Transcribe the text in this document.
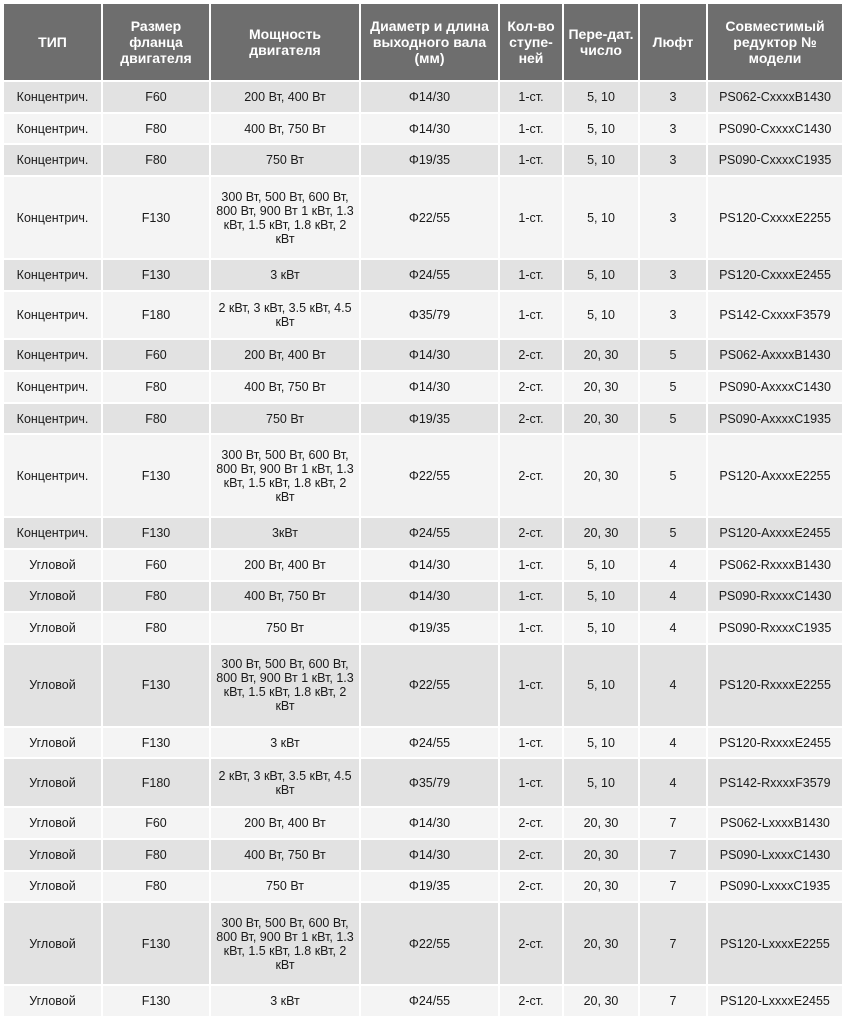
ТИП	Размер фланца двигателя	Мощность двигателя	Диаметр и длина выходного вала (мм)	Кол-во ступе-ней	Пере-дат. число	Люфт	Совместимый редуктор № модели
Концентрич.	F60	200 Вт, 400 Вт	Φ14/30	1-ст.	5, 10	3	PS062-CxxxxB1430
Концентрич.	F80	400 Вт, 750 Вт	Φ14/30	1-ст.	5, 10	3	PS090-CxxxxC1430
Концентрич.	F80	750 Вт	Φ19/35	1-ст.	5, 10	3	PS090-CxxxxC1935
Концентрич.	F130	300 Вт, 500 Вт, 600 Вт, 800 Вт, 900 Вт 1 кВт, 1.3 кВт, 1.5 кВт, 1.8 кВт, 2 кВт	Φ22/55	1-ст.	5, 10	3	PS120-CxxxxE2255
Концентрич.	F130	3 кВт	Φ24/55	1-ст.	5, 10	3	PS120-CxxxxE2455
Концентрич.	F180	2 кВт, 3 кВт, 3.5 кВт, 4.5 кВт	Φ35/79	1-ст.	5, 10	3	PS142-CxxxxF3579
Концентрич.	F60	200 Вт, 400 Вт	Φ14/30	2-ст.	20, 30	5	PS062-AxxxxB1430
Концентрич.	F80	400 Вт, 750 Вт	Φ14/30	2-ст.	20, 30	5	PS090-AxxxxC1430
Концентрич.	F80	750 Вт	Φ19/35	2-ст.	20, 30	5	PS090-AxxxxC1935
Концентрич.	F130	300 Вт, 500 Вт, 600 Вт, 800 Вт, 900 Вт 1 кВт, 1.3 кВт, 1.5 кВт, 1.8 кВт, 2 кВт	Φ22/55	2-ст.	20, 30	5	PS120-AxxxxE2255
Концентрич.	F130	3кВт	Φ24/55	2-ст.	20, 30	5	PS120-AxxxxE2455
Угловой	F60	200 Вт, 400 Вт	Φ14/30	1-ст.	5, 10	4	PS062-RxxxxB1430
Угловой	F80	400 Вт, 750 Вт	Φ14/30	1-ст.	5, 10	4	PS090-RxxxxC1430
Угловой	F80	750 Вт	Φ19/35	1-ст.	5, 10	4	PS090-RxxxxC1935
Угловой	F130	300 Вт, 500 Вт, 600 Вт, 800 Вт, 900 Вт 1 кВт, 1.3 кВт, 1.5 кВт, 1.8 кВт, 2 кВт	Φ22/55	1-ст.	5, 10	4	PS120-RxxxxE2255
Угловой	F130	3 кВт	Φ24/55	1-ст.	5, 10	4	PS120-RxxxxE2455
Угловой	F180	2 кВт, 3 кВт, 3.5 кВт, 4.5 кВт	Φ35/79	1-ст.	5, 10	4	PS142-RxxxxF3579
Угловой	F60	200 Вт, 400 Вт	Φ14/30	2-ст.	20, 30	7	PS062-LxxxxB1430
Угловой	F80	400 Вт, 750 Вт	Φ14/30	2-ст.	20, 30	7	PS090-LxxxxC1430
Угловой	F80	750 Вт	Φ19/35	2-ст.	20, 30	7	PS090-LxxxxC1935
Угловой	F130	300 Вт, 500 Вт, 600 Вт, 800 Вт, 900 Вт 1 кВт, 1.3 кВт, 1.5 кВт, 1.8 кВт, 2 кВт	Φ22/55	2-ст.	20, 30	7	PS120-LxxxxE2255
Угловой	F130	3 кВт	Φ24/55	2-ст.	20, 30	7	PS120-LxxxxE2455
